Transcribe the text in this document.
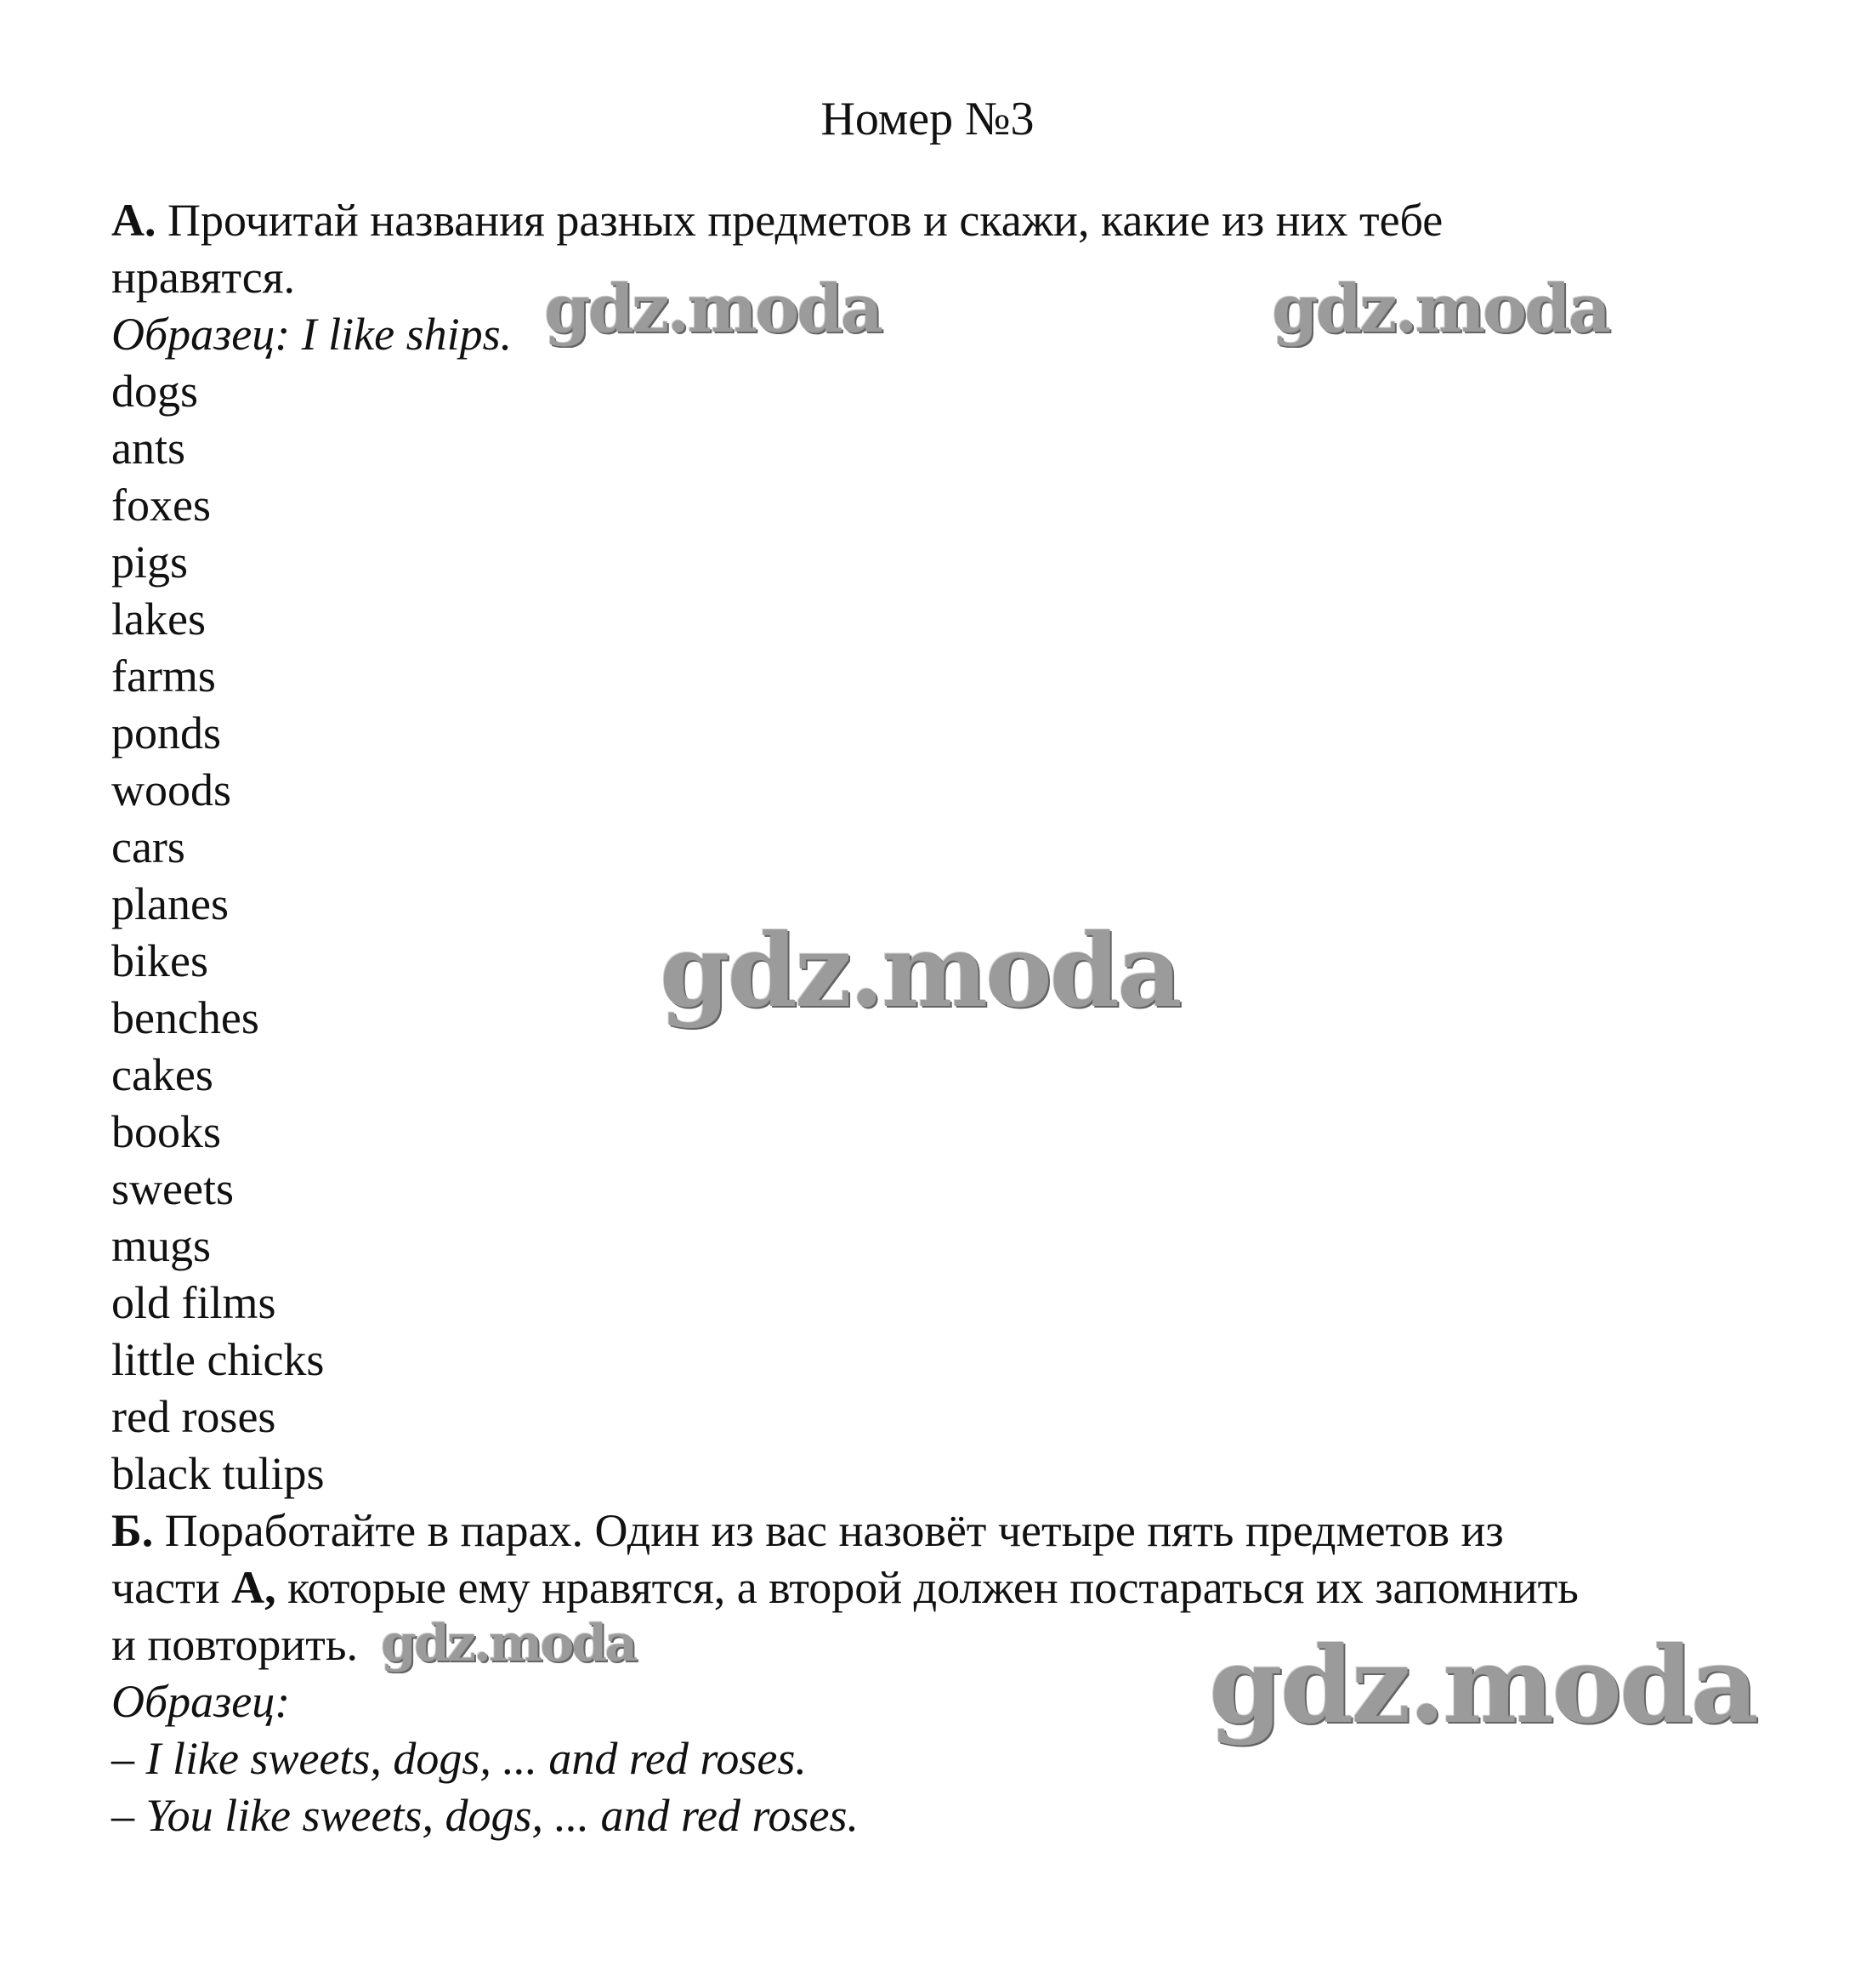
Номер №3
А. Прочитай названия разных предметов и скажи, какие из них тебе
нравятся.
Образец: I like ships.
dogs
ants
foxes
pigs
lakes
farms
ponds
woods
cars
planes
bikes
benches
cakes
books
sweets
mugs
old films
little chicks
red roses
black tulips
Б. Поработайте в парах. Один из вас назовёт четыре пять предметов из
части А, которые ему нравятся, а второй должен постараться их запомнить
и повторить.
Образец:
– I like sweets, dogs, ... and red roses.
– You like sweets, dogs, ... and red roses.
gdz.moda	gdz.moda
gdz.moda
gdz.moda	gdz.moda
